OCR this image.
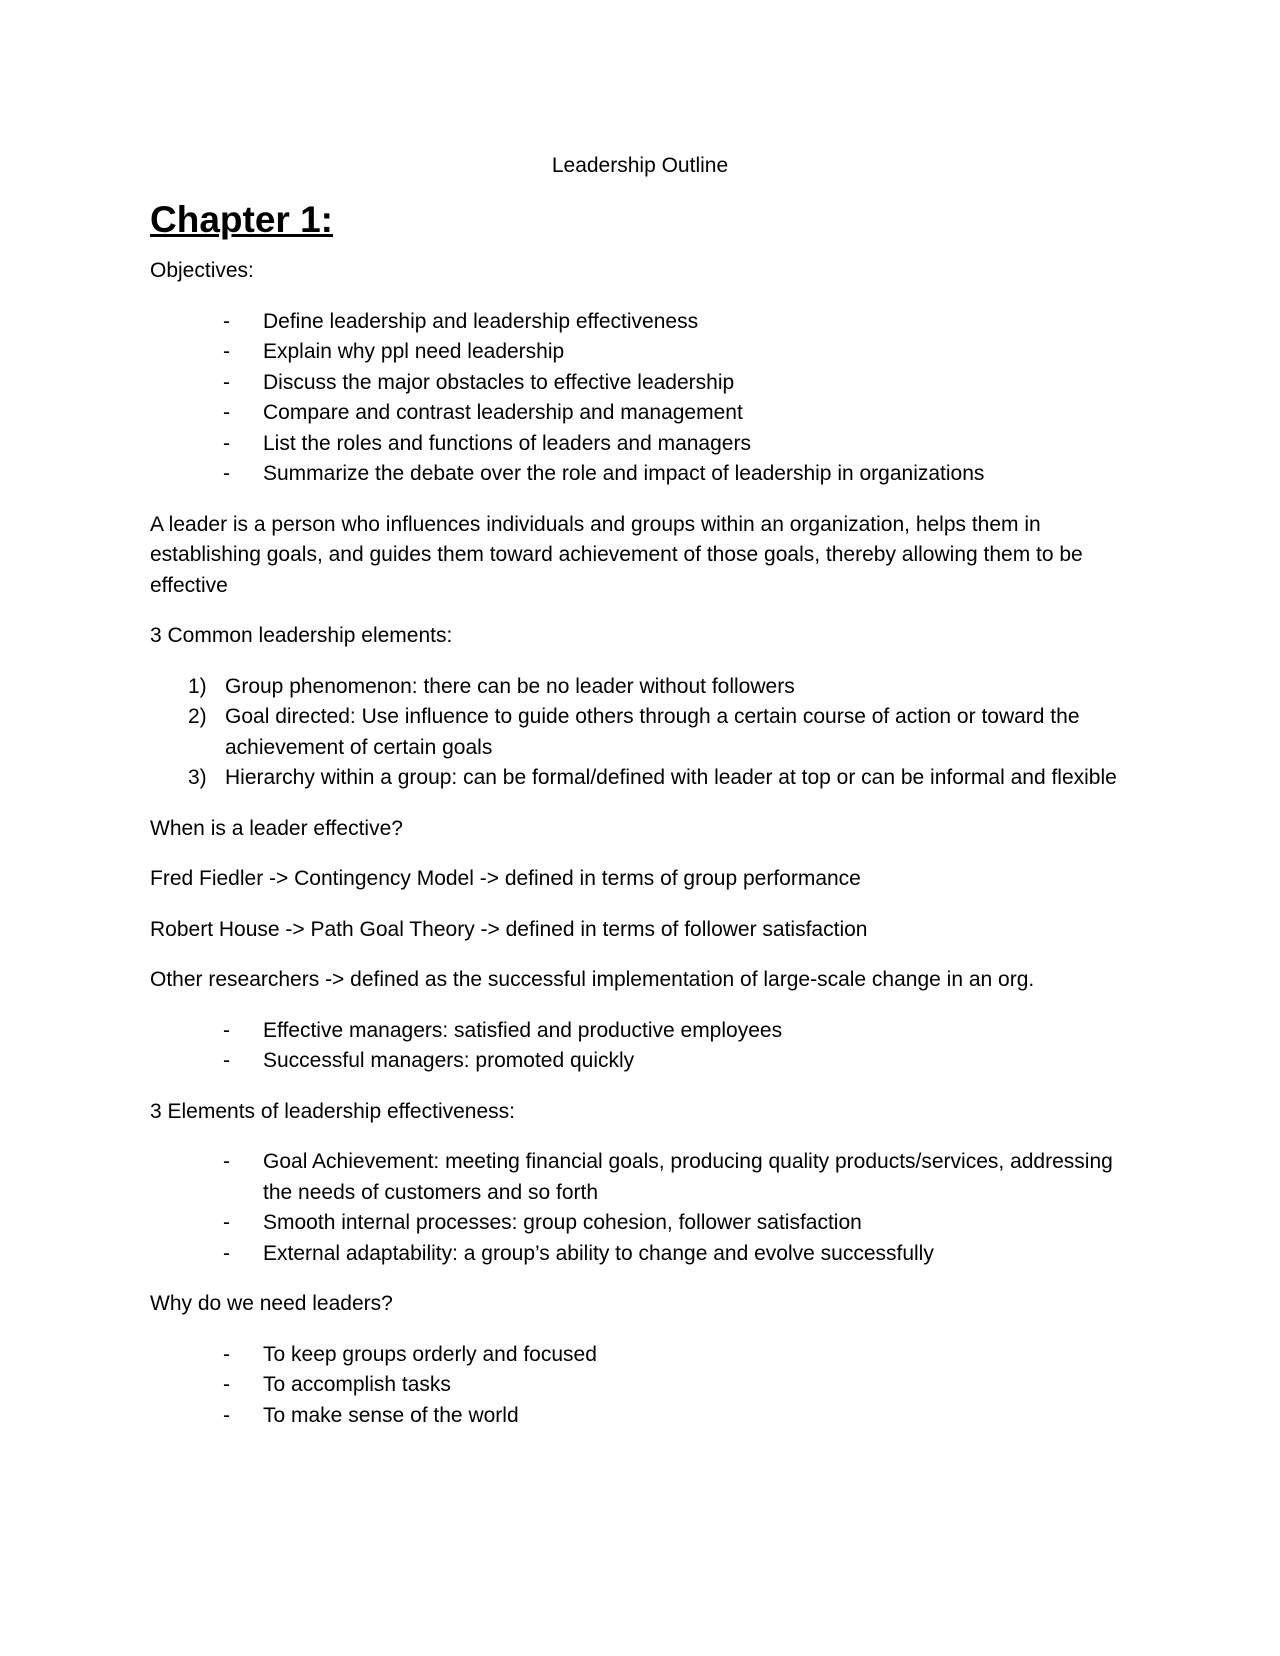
Leadership Outline
Chapter 1:

Objectives:

- Define leadership and leadership effectiveness
- Explain why ppl need leadership
- Discuss the major obstacles to effective leadership
- Compare and contrast leadership and management
- List the roles and functions of leaders and managers
- Summarize the debate over the role and impact of leadership in organizations

A leader is a person who influences individuals and groups within an organization, helps them in establishing goals, and guides them toward achievement of those goals, thereby allowing them to be effective

3 Common leadership elements:

1) Group phenomenon: there can be no leader without followers
2) Goal directed: Use influence to guide others through a certain course of action or toward the achievement of certain goals
3) Hierarchy within a group: can be formal/defined with leader at top or can be informal and flexible

When is a leader effective?

Fred Fiedler -> Contingency Model -> defined in terms of group performance

Robert House -> Path Goal Theory -> defined in terms of follower satisfaction

Other researchers -> defined as the successful implementation of large-scale change in an org.

- Effective managers: satisfied and productive employees
- Successful managers: promoted quickly

3 Elements of leadership effectiveness:

- Goal Achievement: meeting financial goals, producing quality products/services, addressing the needs of customers and so forth
- Smooth internal processes: group cohesion, follower satisfaction
- External adaptability: a group’s ability to change and evolve successfully

Why do we need leaders?

- To keep groups orderly and focused
- To accomplish tasks
- To make sense of the world
